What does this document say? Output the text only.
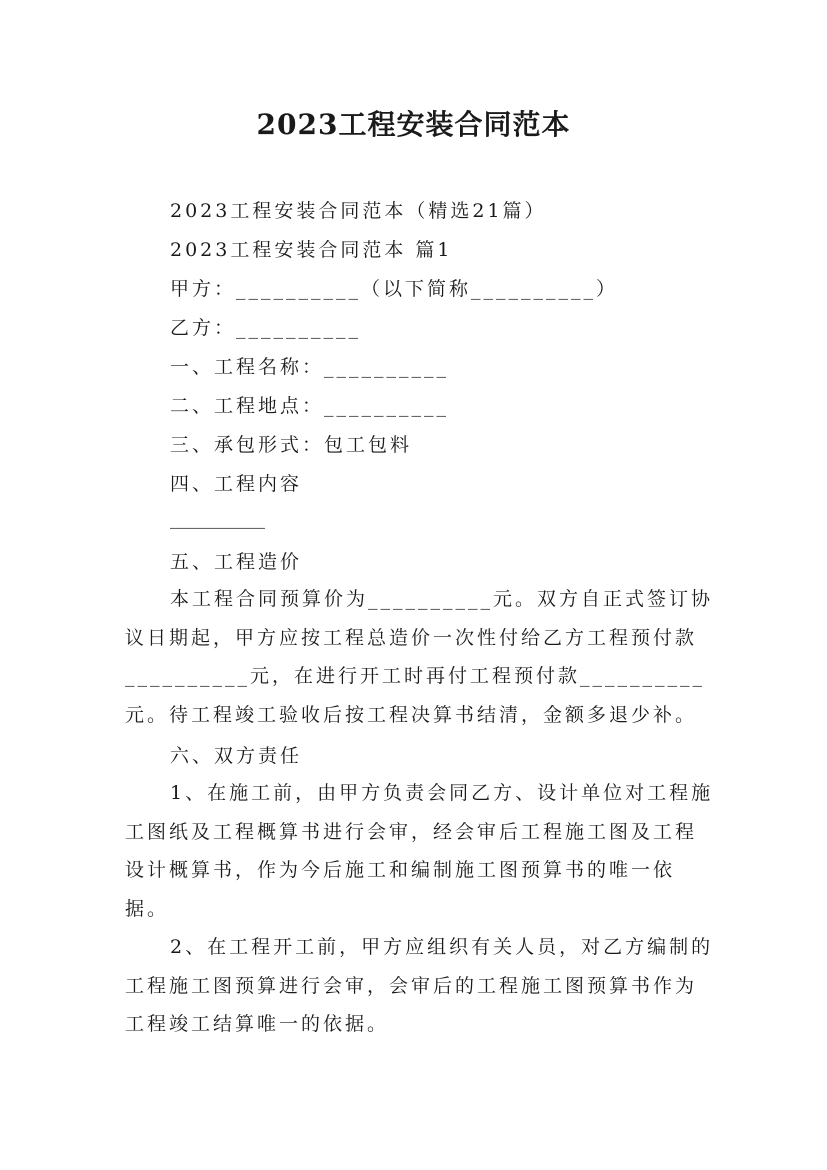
2023工程安装合同范本
2023工程安装合同范本（精选21篇）
2023工程安装合同范本 篇1
甲方：__________（以下简称__________）
乙方：__________
一、工程名称：__________
二、工程地点：__________
三、承包形式：包工包料
四、工程内容
__________
五、工程造价
本工程合同预算价为__________元。双方自正式签订协议日期起，甲方应按工程总造价一次性付给乙方工程预付款__________元，在进行开工时再付工程预付款__________元。待工程竣工验收后按工程决算书结清，金额多退少补。
六、双方责任
1、在施工前，由甲方负责会同乙方、设计单位对工程施工图纸及工程概算书进行会审，经会审后工程施工图及工程设计概算书，作为今后施工和编制施工图预算书的唯一依据。
2、在工程开工前，甲方应组织有关人员，对乙方编制的工程施工图预算进行会审，会审后的工程施工图预算书作为工程竣工结算唯一的依据。
